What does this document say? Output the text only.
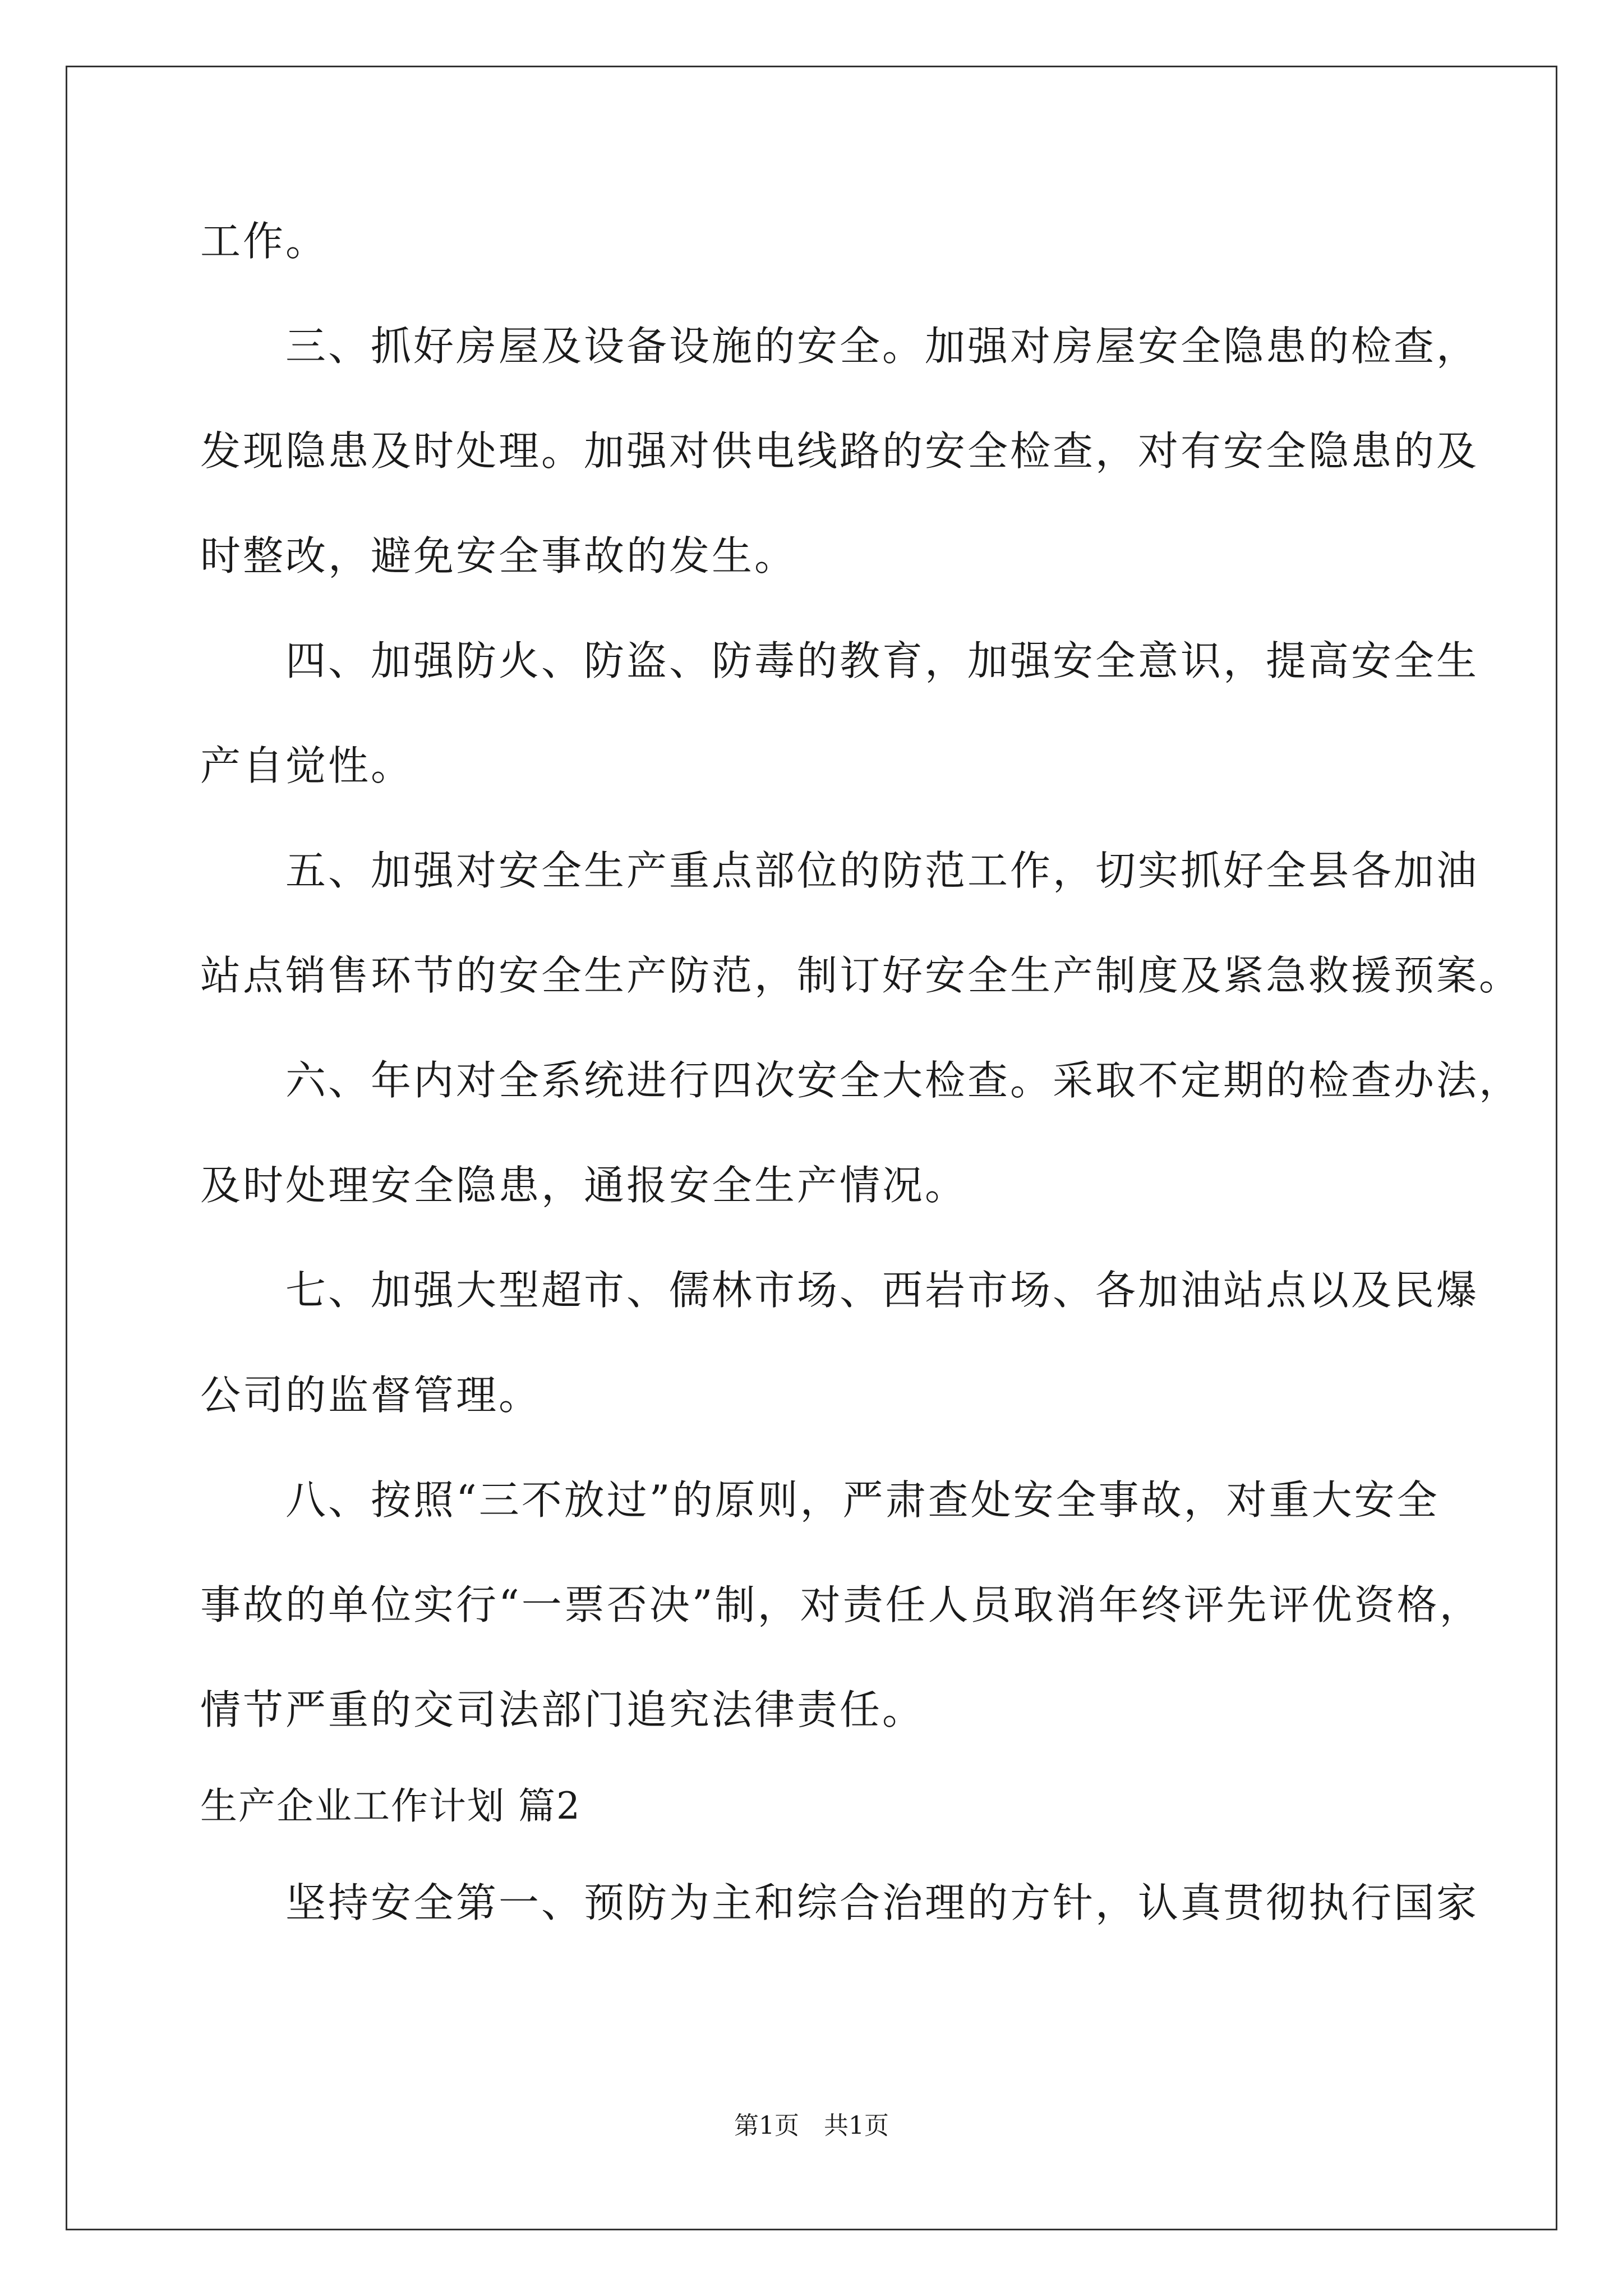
工作。
三、抓好房屋及设备设施的安全。加强对房屋安全隐患的检查，
发现隐患及时处理。加强对供电线路的安全检查，对有安全隐患的及
时整改，避免安全事故的发生。
四、加强防火、防盗、防毒的教育，加强安全意识，提高安全生
产自觉性。
五、加强对安全生产重点部位的防范工作，切实抓好全县各加油
站点销售环节的安全生产防范，制订好安全生产制度及紧急救援预案。
六、年内对全系统进行四次安全大检查。采取不定期的检查办法，
及时处理安全隐患，通报安全生产情况。
七、加强大型超市、儒林市场、西岩市场、各加油站点以及民爆
公司的监督管理。
八、按照“三不放过”的原则，严肃查处安全事故，对重大安全
事故的单位实行“一票否决”制，对责任人员取消年终评先评优资格，
情节严重的交司法部门追究法律责任。
生产企业工作计划 篇2
坚持安全第一、预防为主和综合治理的方针，认真贯彻执行国家
第1页　共1页
